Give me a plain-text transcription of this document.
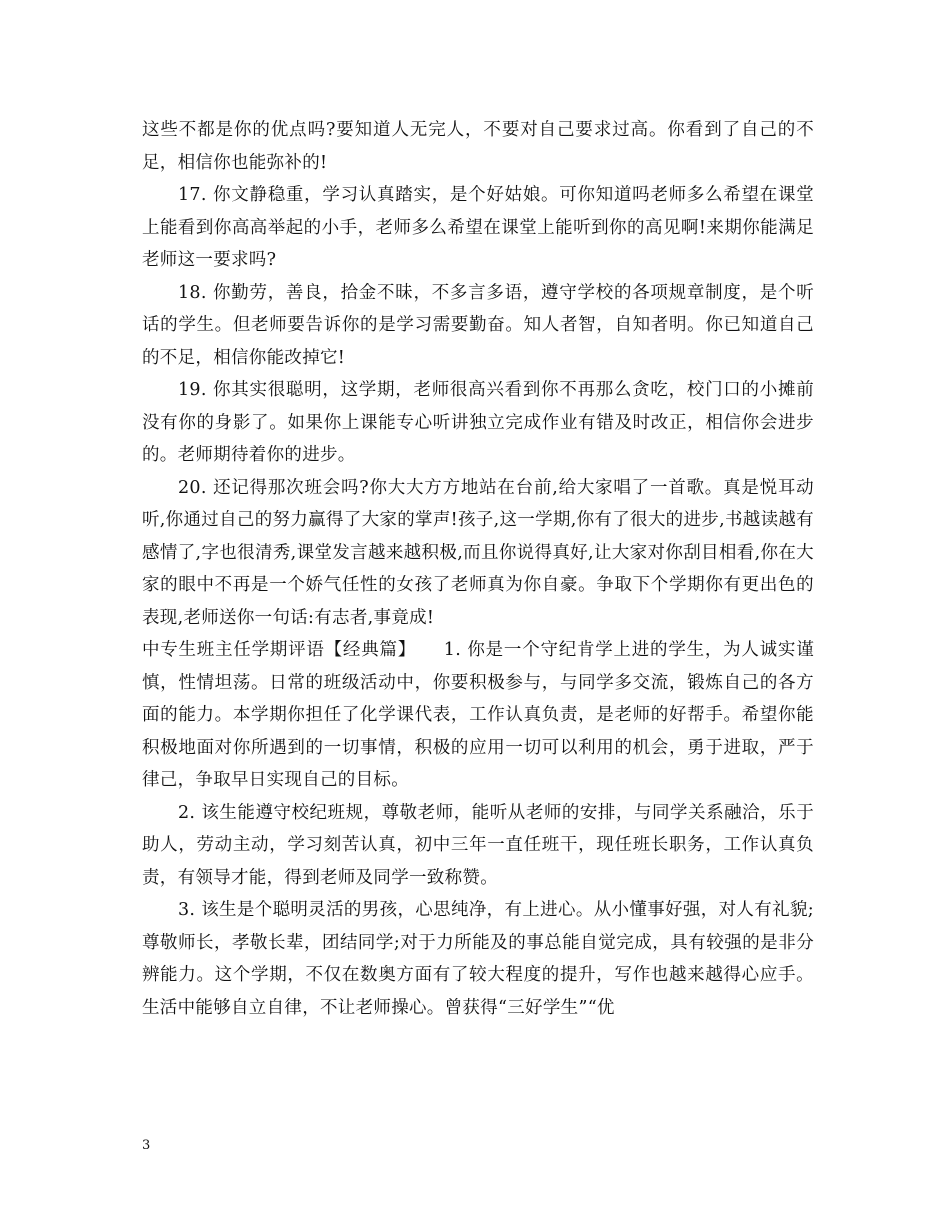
这些不都是你的优点吗?要知道人无完人，不要对自己要求过高。你看到了自己的不足，相信你也能弥补的!

17. 你文静稳重，学习认真踏实，是个好姑娘。可你知道吗老师多么希望在课堂上能看到你高高举起的小手，老师多么希望在课堂上能听到你的高见啊!来期你能满足老师这一要求吗?

18. 你勤劳，善良，拾金不昧，不多言多语，遵守学校的各项规章制度，是个听话的学生。但老师要告诉你的是学习需要勤奋。知人者智，自知者明。你已知道自己的不足，相信你能改掉它!

19. 你其实很聪明，这学期，老师很高兴看到你不再那么贪吃，校门口的小摊前没有你的身影了。如果你上课能专心听讲独立完成作业有错及时改正，相信你会进步的。老师期待着你的进步。

20. 还记得那次班会吗?你大大方方地站在台前,给大家唱了一首歌。真是悦耳动听,你通过自己的努力赢得了大家的掌声!孩子,这一学期,你有了很大的进步,书越读越有感情了,字也很清秀,课堂发言越来越积极,而且你说得真好,让大家对你刮目相看,你在大家的眼中不再是一个娇气任性的女孩了老师真为你自豪。争取下个学期你有更出色的表现,老师送你一句话:有志者,事竟成!

中专生班主任学期评语【经典篇】　　1. 你是一个守纪肯学上进的学生，为人诚实谨慎，性情坦荡。日常的班级活动中，你要积极参与，与同学多交流，锻炼自己的各方面的能力。本学期你担任了化学课代表，工作认真负责，是老师的好帮手。希望你能积极地面对你所遇到的一切事情，积极的应用一切可以利用的机会，勇于进取，严于律己，争取早日实现自己的目标。

2. 该生能遵守校纪班规，尊敬老师，能听从老师的安排，与同学关系融洽，乐于助人，劳动主动，学习刻苦认真，初中三年一直任班干，现任班长职务，工作认真负责，有领导才能，得到老师及同学一致称赞。

3. 该生是个聪明灵活的男孩，心思纯净，有上进心。从小懂事好强，对人有礼貌;尊敬师长，孝敬长辈，团结同学;对于力所能及的事总能自觉完成，具有较强的是非分辨能力。这个学期，不仅在数奥方面有了较大程度的提升，写作也越来越得心应手。生活中能够自立自律，不让老师操心。曾获得“三好学生”“优

3
